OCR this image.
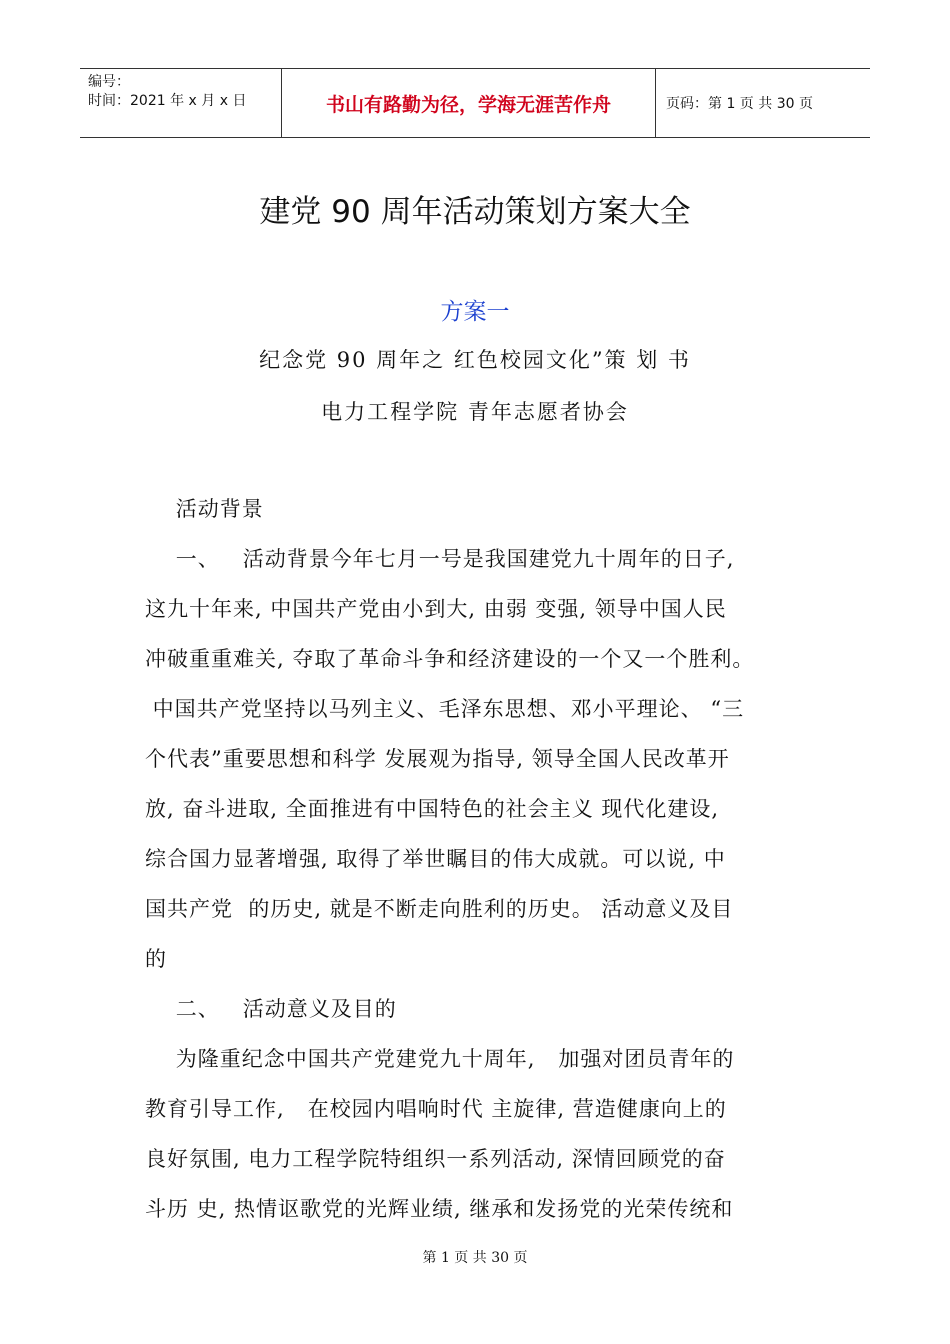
编号：
时间：2021 年 x 月 x 日	书山有路勤为径，学海无涯苦作舟	页码：第 1 页 共 30 页
建党 90 周年活动策划方案大全
方案一
纪念党 90 周年之 红色校园文化”策 划 书
电力工程学院 青年志愿者协会
活动背景
一、   活动背景今年七月一号是我国建党九十周年的日子,
这九十年来, 中国共产党由小到大, 由弱 变强, 领导中国人民
冲破重重难关, 夺取了革命斗争和经济建设的一个又一个胜利。
中国共产党坚持以马列主义、毛泽东思想、邓小平理论、 “三
个代表”重要思想和科学 发展观为指导, 领导全国人民改革开
放, 奋斗进取, 全面推进有中国特色的社会主义 现代化建设,
综合国力显著增强, 取得了举世瞩目的伟大成就。可以说, 中
国共产党  的历史, 就是不断走向胜利的历史。 活动意义及目
的
二、   活动意义及目的
为隆重纪念中国共产党建党九十周年,   加强对团员青年的
教育引导工作,   在校园内唱响时代 主旋律, 营造健康向上的
良好氛围, 电力工程学院特组织一系列活动, 深情回顾党的奋
斗历 史, 热情讴歌党的光辉业绩, 继承和发扬党的光荣传统和
第 1 页 共 30 页
